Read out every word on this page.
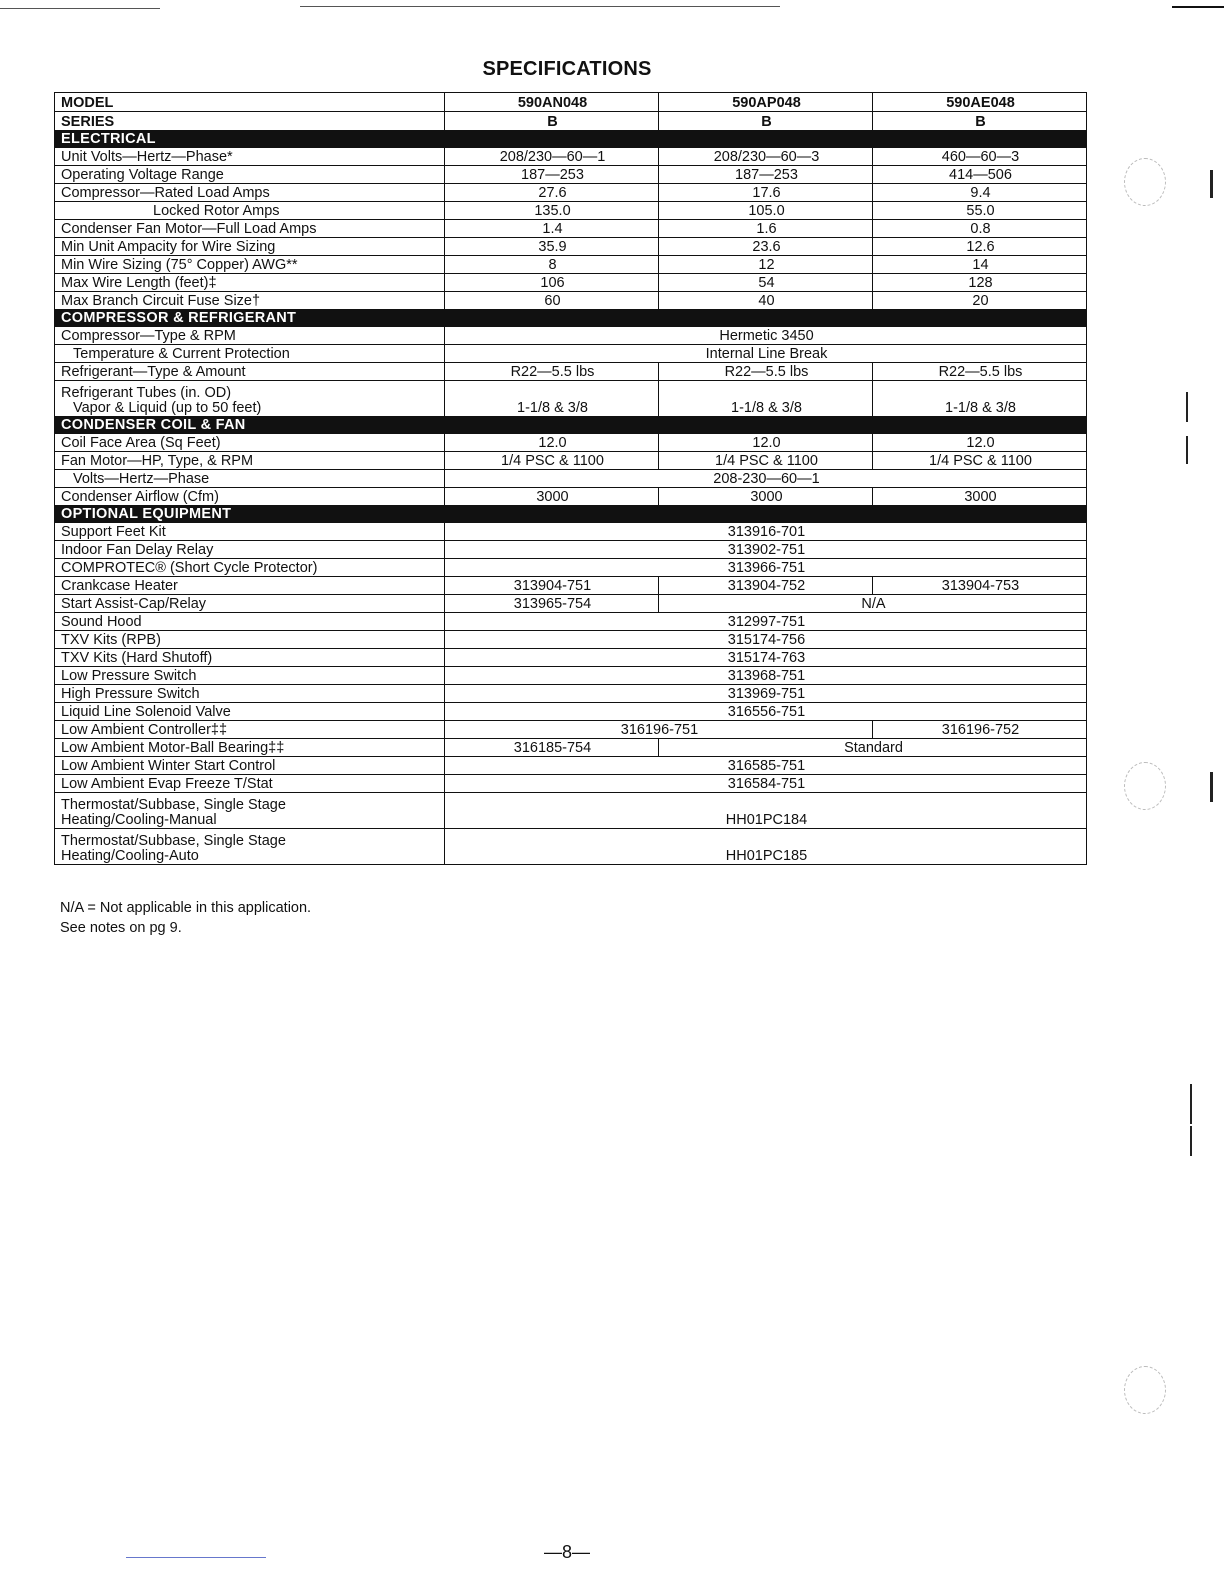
SPECIFICATIONS
MODEL	590AN048	590AP048	590AE048
SERIES	B	B	B
ELECTRICAL			
Unit Volts—Hertz—Phase*	208/230—60—1	208/230—60—3	460—60—3
Operating Voltage Range	187—253	187—253	414—506
Compressor—Rated Load Amps	27.6	17.6	9.4
Locked Rotor Amps	135.0	105.0	55.0
Condenser Fan Motor—Full Load Amps	1.4	1.6	0.8
Min Unit Ampacity for Wire Sizing	35.9	23.6	12.6
Min Wire Sizing (75° Copper) AWG**	8	12	14
Max Wire Length (feet)‡	106	54	128
Max Branch Circuit Fuse Size†	60	40	20
COMPRESSOR & REFRIGERANT			
Compressor—Type & RPM	Hermetic 3450		
Temperature & Current Protection	Internal Line Break		
Refrigerant—Type & Amount	R22—5.5 lbs	R22—5.5 lbs	R22—5.5 lbs

Refrigerant Tubes (in. OD)
Vapor & Liquid (up to 50 feet)	1-1/8 & 3/8	1-1/8 & 3/8	1-1/8 & 3/8
CONDENSER COIL & FAN			
Coil Face Area (Sq Feet)	12.0	12.0	12.0
Fan Motor—HP, Type, & RPM	1/4 PSC & 1100	1/4 PSC & 1100	1/4 PSC & 1100
Volts—Hertz—Phase	208-230—60—1		
Condenser Airflow (Cfm)	3000	3000	3000
OPTIONAL EQUIPMENT			
Support Feet Kit	313916-701		
Indoor Fan Delay Relay	313902-751		
COMPROTEC® (Short Cycle Protector)	313966-751		
Crankcase Heater	313904-751	313904-752	313904-753
Start Assist-Cap/Relay	313965-754	N/A	
Sound Hood	312997-751		
TXV Kits (RPB)	315174-756		
TXV Kits (Hard Shutoff)	315174-763		
Low Pressure Switch	313968-751		
High Pressure Switch	313969-751		
Liquid Line Solenoid Valve	316556-751		
Low Ambient Controller‡‡	316196-751		316196-752
Low Ambient Motor-Ball Bearing‡‡	316185-754	Standard	
Low Ambient Winter Start Control	316585-751		
Low Ambient Evap Freeze T/Stat	316584-751		

Thermostat/Subbase, Single Stage
Heating/Cooling-Manual	HH01PC184		

Thermostat/Subbase, Single Stage
Heating/Cooling-Auto	HH01PC185		
N/A = Not applicable in this application.
See notes on pg 9.
—8—
